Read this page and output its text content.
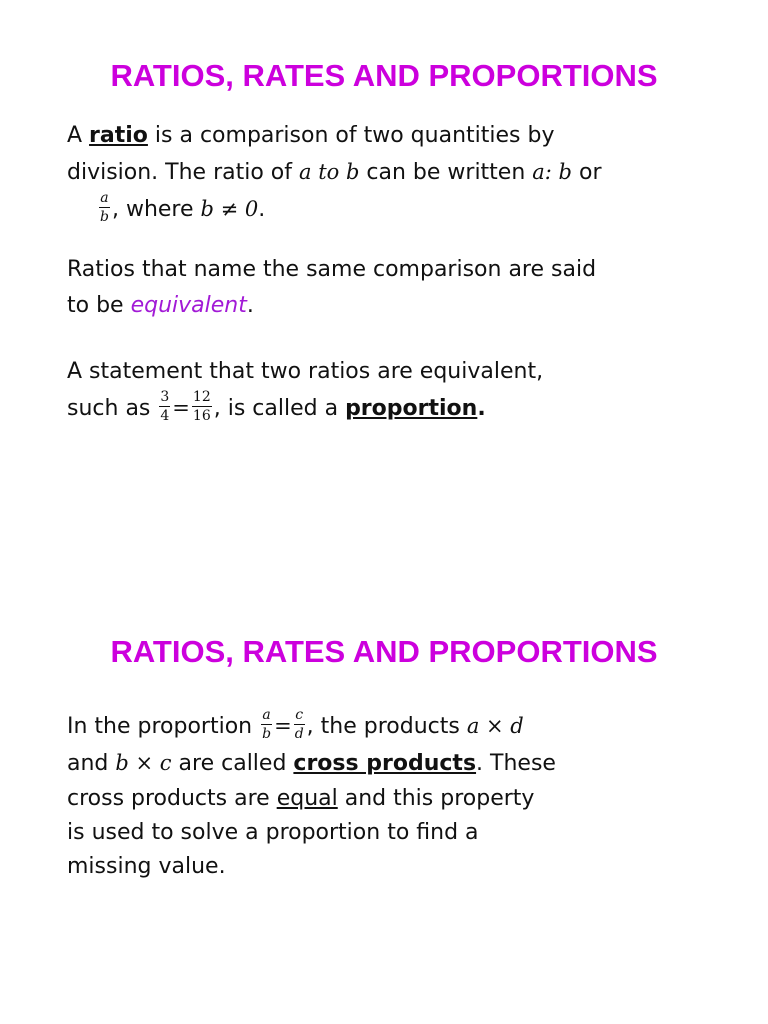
RATIOS, RATES AND PROPORTIONS
A ratio is a comparison of two quantities by
division. The ratio of a to b can be written a: b or
$\frac{a}{b}$ , where b ≠ 0.
Ratios that name the same comparison are said
to be equivalent.
A statement that two ratios are equivalent,
such as $\frac{3}{4} = \frac{12}{16}$ , is called a proportion.
RATIOS, RATES AND PROPORTIONS
In the proportion $\frac{a}{b} = \frac{c}{d}$ , the products a × d
and b × c are called cross products. These
cross products are equal and this property
is used to solve a proportion to find a
missing value.
